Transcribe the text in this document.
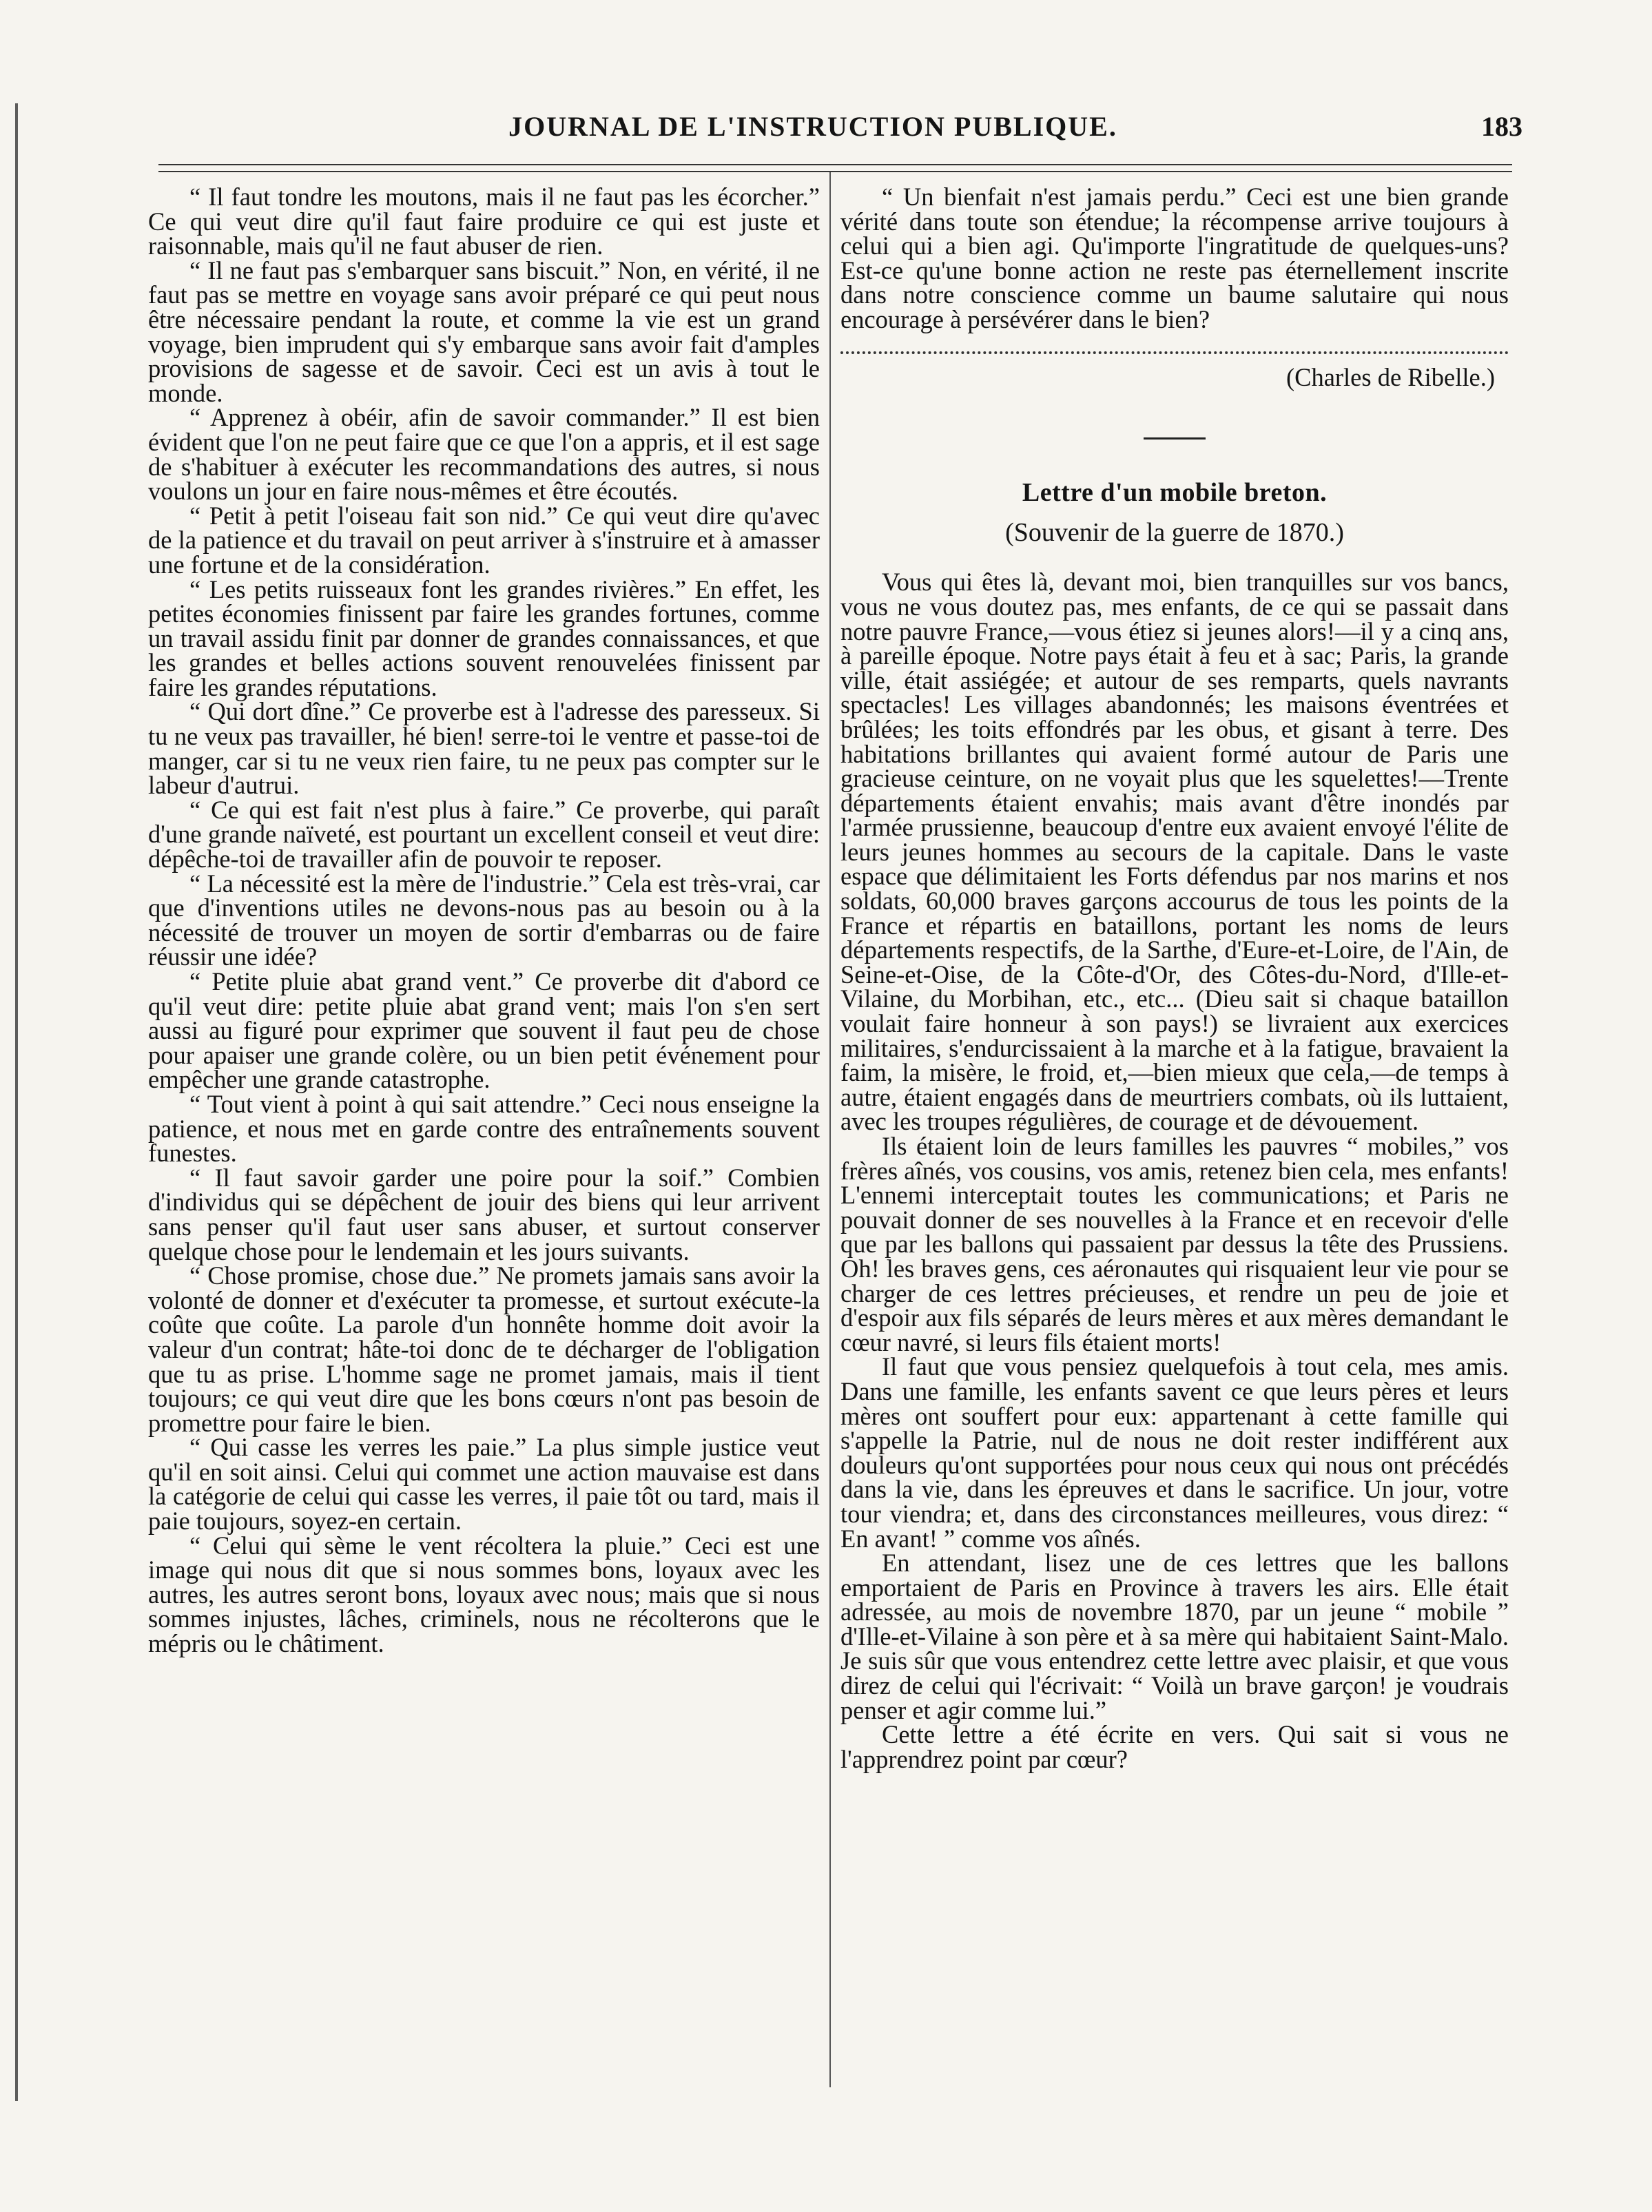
JOURNAL DE L'INSTRUCTION PUBLIQUE.	183

“ Il faut tondre les moutons, mais il ne faut pas les écorcher.” Ce qui veut dire qu'il faut faire produire ce qui est juste et raisonnable, mais qu'il ne faut abuser de rien.

“ Il ne faut pas s'embarquer sans biscuit.” Non, en vérité, il ne faut pas se mettre en voyage sans avoir préparé ce qui peut nous être nécessaire pendant la route, et comme la vie est un grand voyage, bien imprudent qui s'y embarque sans avoir fait d'amples provisions de sagesse et de savoir. Ceci est un avis à tout le monde.

“ Apprenez à obéir, afin de savoir commander.” Il est bien évident que l'on ne peut faire que ce que l'on a appris, et il est sage de s'habituer à exécuter les recommandations des autres, si nous voulons un jour en faire nous-mêmes et être écoutés.

“ Petit à petit l'oiseau fait son nid.” Ce qui veut dire qu'avec de la patience et du travail on peut arriver à s'instruire et à amasser une fortune et de la considération.

“ Les petits ruisseaux font les grandes rivières.” En effet, les petites économies finissent par faire les grandes fortunes, comme un travail assidu finit par donner de grandes connaissances, et que les grandes et belles actions souvent renouvelées finissent par faire les grandes réputations.

“ Qui dort dîne.” Ce proverbe est à l'adresse des paresseux. Si tu ne veux pas travailler, hé bien! serre-toi le ventre et passe-toi de manger, car si tu ne veux rien faire, tu ne peux pas compter sur le labeur d'autrui.

“ Ce qui est fait n'est plus à faire.” Ce proverbe, qui paraît d'une grande naïveté, est pourtant un excellent conseil et veut dire: dépêche-toi de travailler afin de pouvoir te reposer.

“ La nécessité est la mère de l'industrie.” Cela est très-vrai, car que d'inventions utiles ne devons-nous pas au besoin ou à la nécessité de trouver un moyen de sortir d'embarras ou de faire réussir une idée?

“ Petite pluie abat grand vent.” Ce proverbe dit d'abord ce qu'il veut dire: petite pluie abat grand vent; mais l'on s'en sert aussi au figuré pour exprimer que souvent il faut peu de chose pour apaiser une grande colère, ou un bien petit événement pour empêcher une grande catastrophe.

“ Tout vient à point à qui sait attendre.” Ceci nous enseigne la patience, et nous met en garde contre des entraînements souvent funestes.

“ Il faut savoir garder une poire pour la soif.” Combien d'individus qui se dépêchent de jouir des biens qui leur arrivent sans penser qu'il faut user sans abuser, et surtout conserver quelque chose pour le lendemain et les jours suivants.

“ Chose promise, chose due.” Ne promets jamais sans avoir la volonté de donner et d'exécuter ta promesse, et surtout exécute-la coûte que coûte. La parole d'un honnête homme doit avoir la valeur d'un contrat; hâte-toi donc de te décharger de l'obligation que tu as prise. L'homme sage ne promet jamais, mais il tient toujours; ce qui veut dire que les bons cœurs n'ont pas besoin de promettre pour faire le bien.

“ Qui casse les verres les paie.” La plus simple justice veut qu'il en soit ainsi. Celui qui commet une action mauvaise est dans la catégorie de celui qui casse les verres, il paie tôt ou tard, mais il paie toujours, soyez-en certain.

“ Celui qui sème le vent récoltera la pluie.” Ceci est une image qui nous dit que si nous sommes bons, loyaux avec les autres, les autres seront bons, loyaux avec nous; mais que si nous sommes injustes, lâches, criminels, nous ne récolterons que le mépris ou le châtiment.

“ Un bienfait n'est jamais perdu.” Ceci est une bien grande vérité dans toute son étendue; la récompense arrive toujours à celui qui a bien agi. Qu'importe l'ingratitude de quelques-uns? Est-ce qu'une bonne action ne reste pas éternellement inscrite dans notre conscience comme un baume salutaire qui nous encourage à persévérer dans le bien?

(Charles de Ribelle.)
Lettre d'un mobile breton.
(Souvenir de la guerre de 1870.)

Vous qui êtes là, devant moi, bien tranquilles sur vos bancs, vous ne vous doutez pas, mes enfants, de ce qui se passait dans notre pauvre France,—vous étiez si jeunes alors!—il y a cinq ans, à pareille époque. Notre pays était à feu et à sac; Paris, la grande ville, était assiégée; et autour de ses remparts, quels navrants spectacles! Les villages abandonnés; les maisons éventrées et brûlées; les toits effondrés par les obus, et gisant à terre. Des habitations brillantes qui avaient formé autour de Paris une gracieuse ceinture, on ne voyait plus que les squelettes!—Trente départements étaient envahis; mais avant d'être inondés par l'armée prussienne, beaucoup d'entre eux avaient envoyé l'élite de leurs jeunes hommes au secours de la capitale. Dans le vaste espace que délimitaient les Forts défendus par nos marins et nos soldats, 60,000 braves garçons accourus de tous les points de la France et répartis en bataillons, portant les noms de leurs départements respectifs, de la Sarthe, d'Eure-et-Loire, de l'Ain, de Seine-et-Oise, de la Côte-d'Or, des Côtes-du-Nord, d'Ille-et-Vilaine, du Morbihan, etc., etc... (Dieu sait si chaque bataillon voulait faire honneur à son pays!) se livraient aux exercices militaires, s'endurcissaient à la marche et à la fatigue, bravaient la faim, la misère, le froid, et,—bien mieux que cela,—de temps à autre, étaient engagés dans de meurtriers combats, où ils luttaient, avec les troupes régulières, de courage et de dévouement.

Ils étaient loin de leurs familles les pauvres “ mobiles,” vos frères aînés, vos cousins, vos amis, retenez bien cela, mes enfants! L'ennemi interceptait toutes les communications; et Paris ne pouvait donner de ses nouvelles à la France et en recevoir d'elle que par les ballons qui passaient par dessus la tête des Prussiens. Oh! les braves gens, ces aéronautes qui risquaient leur vie pour se charger de ces lettres précieuses, et rendre un peu de joie et d'espoir aux fils séparés de leurs mères et aux mères demandant le cœur navré, si leurs fils étaient morts!

Il faut que vous pensiez quelquefois à tout cela, mes amis. Dans une famille, les enfants savent ce que leurs pères et leurs mères ont souffert pour eux: appartenant à cette famille qui s'appelle la Patrie, nul de nous ne doit rester indifférent aux douleurs qu'ont supportées pour nous ceux qui nous ont précédés dans la vie, dans les épreuves et dans le sacrifice. Un jour, votre tour viendra; et, dans des circonstances meilleures, vous direz: “ En avant! ” comme vos aînés.

En attendant, lisez une de ces lettres que les ballons emportaient de Paris en Province à travers les airs. Elle était adressée, au mois de novembre 1870, par un jeune “ mobile ” d'Ille-et-Vilaine à son père et à sa mère qui habitaient Saint-Malo. Je suis sûr que vous entendrez cette lettre avec plaisir, et que vous direz de celui qui l'écrivait: “ Voilà un brave garçon! je voudrais penser et agir comme lui.”

Cette lettre a été écrite en vers. Qui sait si vous ne l'apprendrez point par cœur?
